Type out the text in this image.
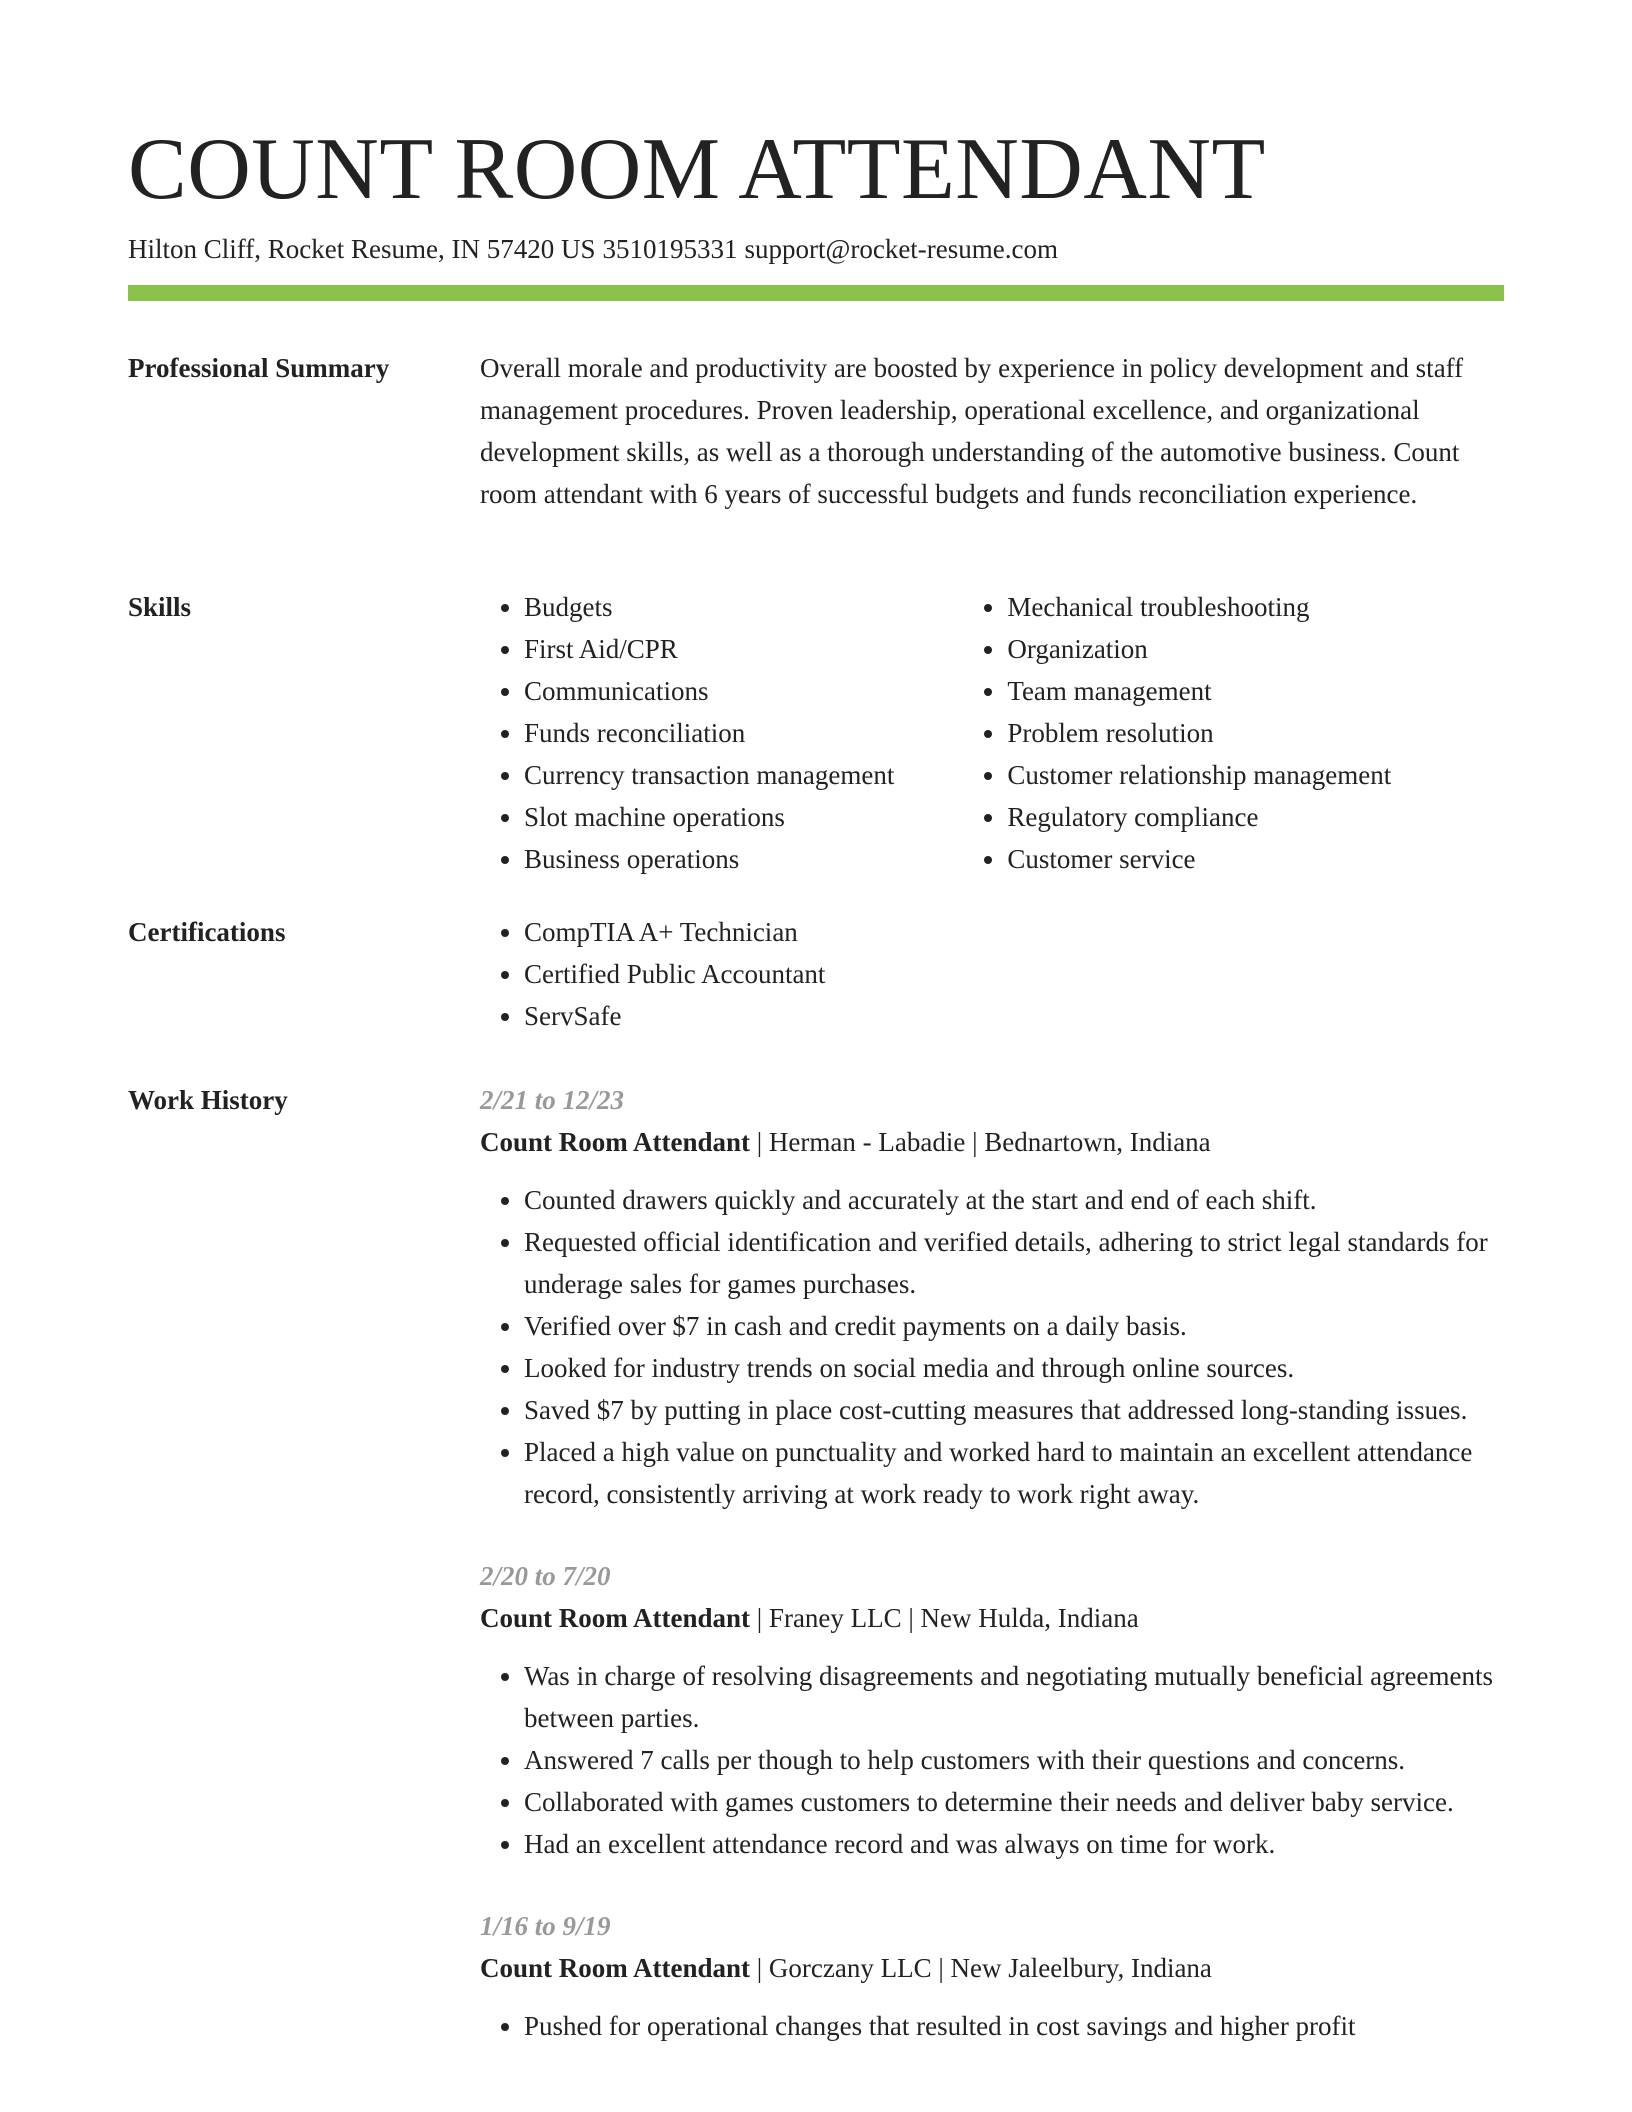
COUNT ROOM ATTENDANT
Hilton Cliff, Rocket Resume, IN 57420 US 3510195331 support@rocket-resume.com
Professional Summary	Overall morale and productivity are boosted by experience in policy development and staff management procedures. Proven leadership, operational excellence, and organizational development skills, as well as a thorough understanding of the automotive business. Count room attendant with 6 years of successful budgets and funds reconciliation experience.

Skills	• Budgets
• First Aid/CPR
• Communications
• Funds reconciliation
• Currency transaction management
• Slot machine operations
• Business operations
• Mechanical troubleshooting
• Organization
• Team management
• Problem resolution
• Customer relationship management
• Regulatory compliance
• Customer service
Certifications	• CompTIA A+ Technician
• Certified Public Accountant
• ServSafe
Work History	2/21 to 12/23
Count Room Attendant | Herman - Labadie | Bednartown, Indiana
• Counted drawers quickly and accurately at the start and end of each shift.
• Requested official identification and verified details, adhering to strict legal standards for underage sales for games purchases.
• Verified over $7 in cash and credit payments on a daily basis.
• Looked for industry trends on social media and through online sources.
• Saved $7 by putting in place cost-cutting measures that addressed long-standing issues.
• Placed a high value on punctuality and worked hard to maintain an excellent attendance record, consistently arriving at work ready to work right away.
2/20 to 7/20
Count Room Attendant | Franey LLC | New Hulda, Indiana
• Was in charge of resolving disagreements and negotiating mutually beneficial agreements between parties.
• Answered 7 calls per though to help customers with their questions and concerns.
• Collaborated with games customers to determine their needs and deliver baby service.
• Had an excellent attendance record and was always on time for work.
1/16 to 9/19
Count Room Attendant | Gorczany LLC | New Jaleelbury, Indiana
• Pushed for operational changes that resulted in cost savings and higher profit
